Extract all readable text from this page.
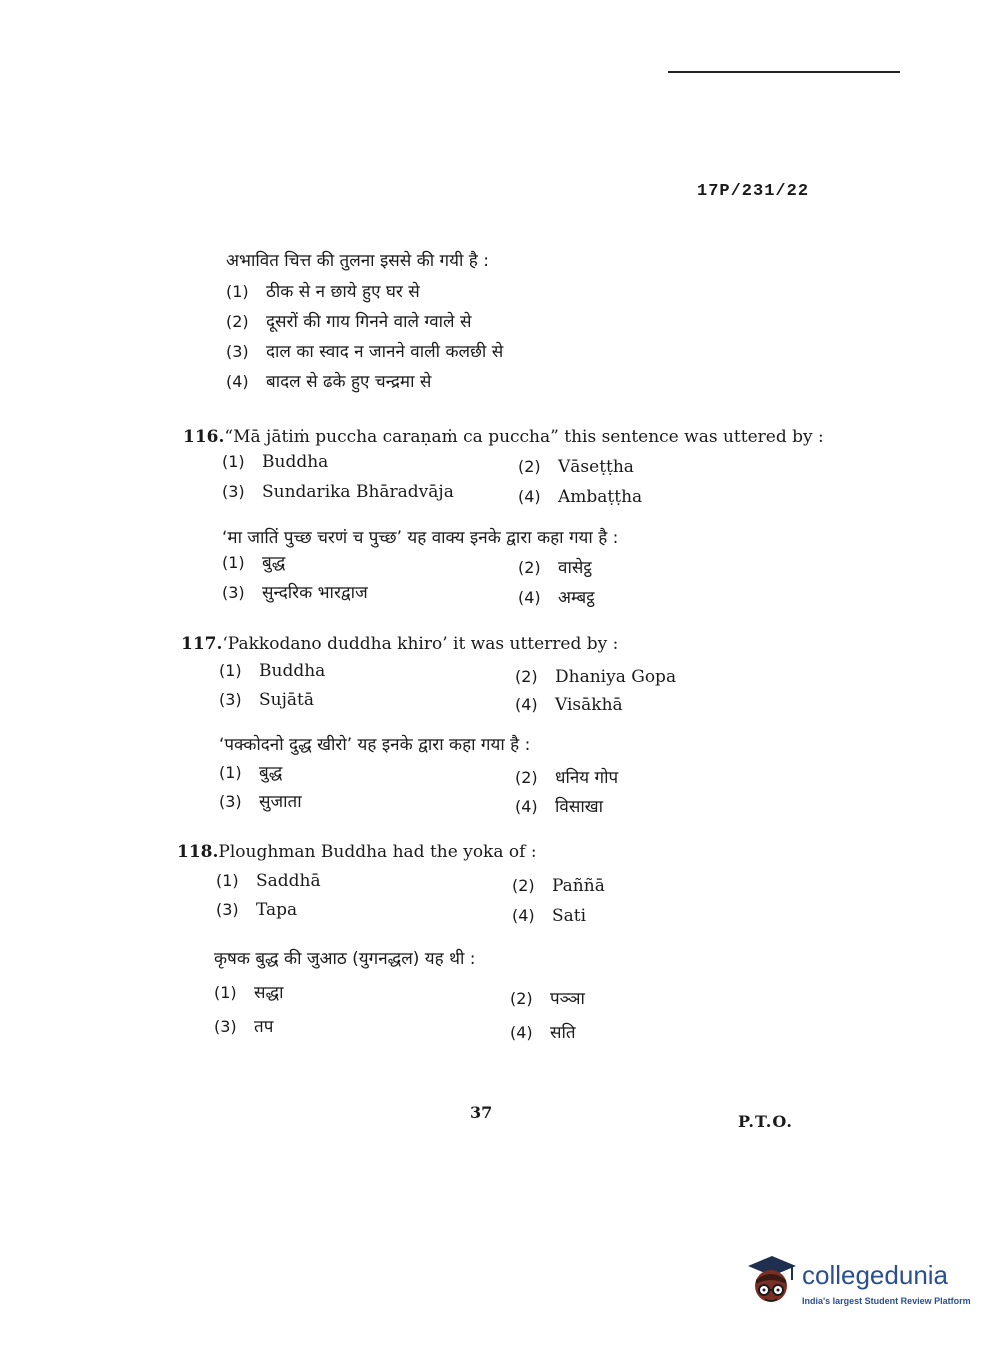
17P/231/22
अभावित चित्त की तुलना इससे की गयी है :
(1) ठीक से न छाये हुए घर से
(2) दूसरों की गाय गिनने वाले ग्वाले से
(3) दाल का स्वाद न जानने वाली कलछी से
(4) बादल से ढके हुए चन्द्रमा से
116.“Mā jātiṁ puccha caraṇaṁ ca puccha” this sentence was uttered by :
(1) Buddha	(2) Vāseṭṭha
(3) Sundarika Bhāradvāja	(4) Ambaṭṭha
‘मा जातिं पुच्छ चरणं च पुच्छ’ यह वाक्य इनके द्वारा कहा गया है :
(1) बुद्ध	(2) वासेट्ठ
(3) सुन्दरिक भारद्वाज	(4) अम्बट्ठ
117.‘Pakkodano duddha khiro’ it was utterred by :
(1) Buddha	(2) Dhaniya Gopa
(3) Sujātā	(4) Visākhā
‘पक्कोदनो दुद्ध खीरो’ यह इनके द्वारा कहा गया है :
(1) बुद्ध	(2) धनिय गोप
(3) सुजाता	(4) विसाखा
118.Ploughman Buddha had the yoka of :
(1) Saddhā	(2) Paññā
(3) Tapa	(4) Sati
कृषक बुद्ध की जुआठ (युगनद्धल) यह थी :
(1) सद्धा	(2) पञ्ञा
(3) तप	(4) सति
37	P.T.O.
collegedunia
India's largest Student Review Platform
